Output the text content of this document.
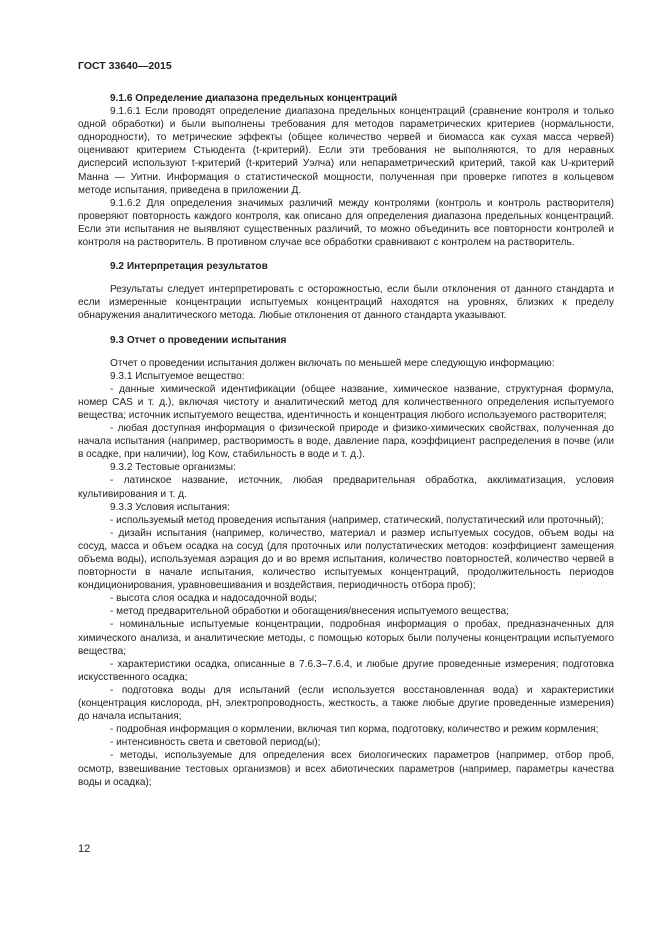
ГОСТ 33640—2015
9.1.6 Определение диапазона предельных концентраций

9.1.6.1 Если проводят определение диапазона предельных концентраций (сравнение контроля и только одной обработки) и были выполнены требования для методов параметрических критериев (нормальности, однородности), то метрические эффекты (общее количество червей и биомасса как сухая масса червей) оценивают критерием Стьюдента (t-критерий). Если эти требования не выполняются, то для неравных дисперсий используют t-критерий (t-критерий Уэлча) или непараметрический критерий, такой как U-критерий Манна — Уитни. Информация о статистической мощности, полученная при проверке гипотез в кольцевом методе испытания, приведена в приложении Д.

9.1.6.2 Для определения значимых различий между контролями (контроль и контроль растворителя) проверяют повторность каждого контроля, как описано для определения диапазона предельных концентраций. Если эти испытания не выявляют существенных различий, то можно объединить все повторности контролей и контроля на растворитель. В противном случае все обработки сравнивают с контролем на растворитель.

9.2 Интерпретация результатов

Результаты следует интерпретировать с осторожностью, если были отклонения от данного стандарта и если измеренные концентрации испытуемых концентраций находятся на уровнях, близких к пределу обнаружения аналитического метода. Любые отклонения от данного стандарта указывают.

9.3 Отчет о проведении испытания

Отчет о проведении испытания должен включать по меньшей мере следующую информацию:

9.3.1 Испытуемое вещество:

- данные химической идентификации (общее название, химическое название, структурная формула, номер CAS и т. д.), включая чистоту и аналитический метод для количественного определения испытуемого вещества; источник испытуемого вещества, идентичность и концентрация любого используемого растворителя;

- любая доступная информация о физической природе и физико-химических свойствах, полученная до начала испытания (например, растворимость в воде, давление пара, коэффициент распределения в почве (или в осадке, при наличии), log Kow, стабильность в воде и т. д.).

9.3.2 Тестовые организмы:

- латинское название, источник, любая предварительная обработка, акклиматизация, условия культивирования и т. д.

9.3.3 Условия испытания:

- используемый метод проведения испытания (например, статический, полустатический или проточный);

- дизайн испытания (например, количество, материал и размер испытуемых сосудов, объем воды на сосуд, масса и объем осадка на сосуд (для проточных или полустатических методов: коэффициент замещения объема воды), используемая аэрация до и во время испытания, количество повторностей, количество червей в повторности в начале испытания, количество испытуемых концентраций, продолжительность периодов кондиционирования, уравновешивания и воздействия, периодичность отбора проб);

- высота слоя осадка и надосадочной воды;

- метод предварительной обработки и обогащения/внесения испытуемого вещества;

- номинальные испытуемые концентрации, подробная информация о пробах, предназначенных для химического анализа, и аналитические методы, с помощью которых были получены концентрации испытуемого вещества;

- характеристики осадка, описанные в 7.6.3–7.6.4, и любые другие проведенные измерения; подготовка искусственного осадка;

- подготовка воды для испытаний (если используется восстановленная вода) и характеристики (концентрация кислорода, pH, электропроводность, жесткость, а также любые другие проведенные измерения) до начала испытания;

- подробная информация о кормлении, включая тип корма, подготовку, количество и режим кормления;

- интенсивность света и световой период(ы);

- методы, используемые для определения всех биологических параметров (например, отбор проб, осмотр, взвешивание тестовых организмов) и всех абиотических параметров (например, параметры качества воды и осадка);

12
